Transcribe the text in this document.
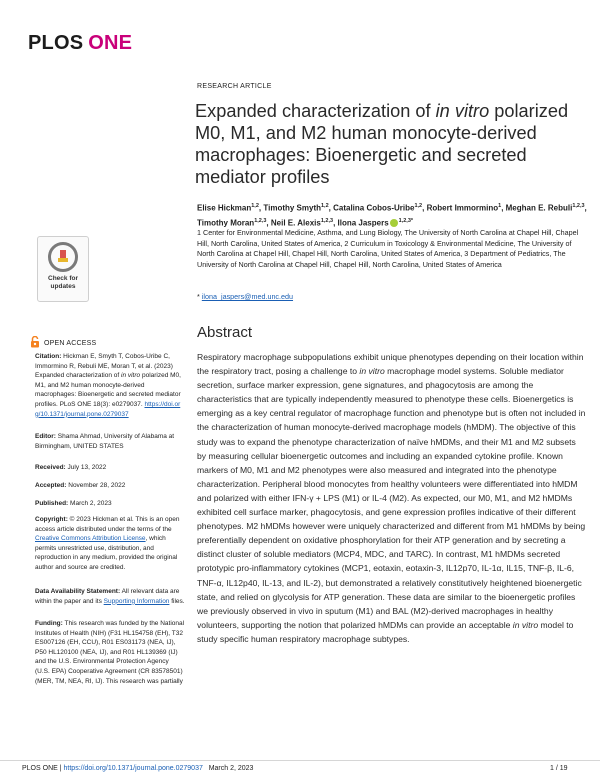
PLOS ONE
RESEARCH ARTICLE
Expanded characterization of in vitro polarized M0, M1, and M2 human monocyte-derived macrophages: Bioenergetic and secreted mediator profiles
Elise Hickman$^{1,2}$, Timothy Smyth$^{1,2}$, Catalina Cobos-Uribe$^{1,2}$, Robert Immormino$^1$, Meghan E. Rebuli$^{1,2,3}$, Timothy Moran$^{1,2,3}$, Neil E. Alexis$^{1,2,3}$, Ilona Jaspers $^{1,2,3*}$
1 Center for Environmental Medicine, Asthma, and Lung Biology, The University of North Carolina at Chapel Hill, Chapel Hill, North Carolina, United States of America, 2 Curriculum in Toxicology & Environmental Medicine, The University of North Carolina at Chapel Hill, Chapel Hill, North Carolina, United States of America, 3 Department of Pediatrics, The University of North Carolina at Chapel Hill, Chapel Hill, North Carolina, United States of America
* ilona_jaspers@med.unc.edu
Check for
updates
OPEN ACCESS
Citation: Hickman E, Smyth T, Cobos-Uribe C, Immormino R, Rebuli ME, Moran T, et al. (2023) Expanded characterization of in vitro polarized M0, M1, and M2 human monocyte-derived macrophages: Bioenergetic and secreted mediator profiles. PLoS ONE 18(3): e0279037. https://doi.org/10.1371/journal.pone.0279037
Editor: Shama Ahmad, University of Alabama at Birmingham, UNITED STATES
Received: July 13, 2022
Accepted: November 28, 2022
Published: March 2, 2023
Copyright: © 2023 Hickman et al. This is an open access article distributed under the terms of the Creative Commons Attribution License, which permits unrestricted use, distribution, and reproduction in any medium, provided the original author and source are credited.
Data Availability Statement: All relevant data are within the paper and its Supporting Information files.
Funding: This research was funded by the National Institutes of Health (NIH) (F31 HL154758 (EH), T32 ES007126 (EH, CCU), R01 ES031173 (NEA, IJ), P50 HL120100 (NEA, IJ), and R01 HL139369 (IJ) and the U.S. Environmental Protection Agency (U.S. EPA) Cooperative Agreement (CR 83578501) (MER, TM, NEA, RI, IJ). This research was partially
Abstract
Respiratory macrophage subpopulations exhibit unique phenotypes depending on their location within the respiratory tract, posing a challenge to in vitro macrophage model systems. Soluble mediator secretion, surface marker expression, gene signatures, and phagocytosis are among the characteristics that are typically independently measured to phenotype these cells. Bioenergetics is emerging as a key central regulator of macrophage function and phenotype but is often not included in the characterization of human monocyte-derived macrophage models (hMDM). The objective of this study was to expand the phenotype characterization of naïve hMDMs, and their M1 and M2 subsets by measuring cellular bioenergetic outcomes and including an expanded cytokine profile. Known markers of M0, M1 and M2 phenotypes were also measured and integrated into the phenotype characterization. Peripheral blood monocytes from healthy volunteers were differentiated into hMDM and polarized with either IFN-γ + LPS (M1) or IL-4 (M2). As expected, our M0, M1, and M2 hMDMs exhibited cell surface marker, phagocytosis, and gene expression profiles indicative of their different phenotypes. M2 hMDMs however were uniquely characterized and different from M1 hMDMs by being preferentially dependent on oxidative phosphorylation for their ATP generation and by secreting a distinct cluster of soluble mediators (MCP4, MDC, and TARC). In contrast, M1 hMDMs secreted prototypic pro-inflammatory cytokines (MCP1, eotaxin, eotaxin-3, IL12p70, IL-1α, IL15, TNF-β, IL-6, TNF-α, IL12p40, IL-13, and IL-2), but demonstrated a relatively constitutively heightened bioenergetic state, and relied on glycolysis for ATP generation. These data are similar to the bioenergetic profiles we previously observed in vivo in sputum (M1) and BAL (M2)-derived macrophages in healthy volunteers, supporting the notion that polarized hMDMs can provide an acceptable in vitro model to study specific human respiratory macrophage subtypes.
PLOS ONE | https://doi.org/10.1371/journal.pone.0279037 March 2, 2023	1 / 19
